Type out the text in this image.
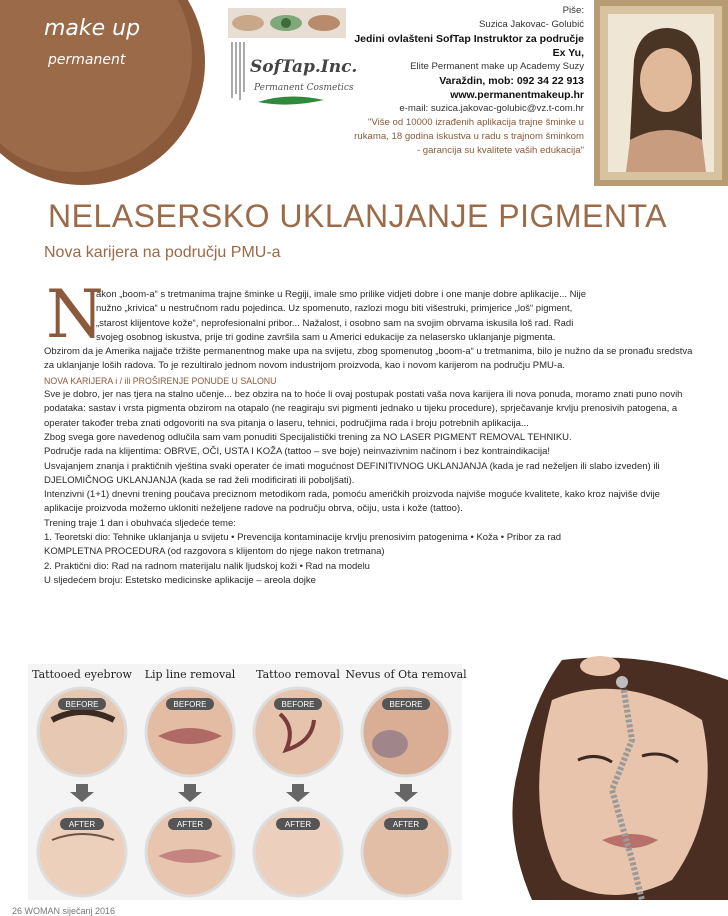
make up
permanent	SofTap.Inc.
Permanent Cosmetics
Piše:
Suzica Jakovac- Golubić
Jedini ovlašteni SofTap Instruktor za područje Ex Yu,
Elite Permanent make up Academy Suzy
Varaždin, mob: 092 34 22 913
www.permanentmakeup.hr
e-mail: suzica.jakovac-golubic@vz.t-com.hr
"Više od 10000 izrađenih aplikacija trajne šminke u rukama, 18 godina iskustva u radu s trajnom šminkom - garancija su kvalitete vaših edukacija"
NELASERSKO UKLANJANJE PIGMENTA
Nova karijera na području PMU-a
N

akon „boom-a“ s tretmanima trajne šminke u Regiji, imale smo prilike vidjeti dobre i one manje dobre aplikacije... Nije

nužno „krivica“ u nestručnom radu pojedinca. Uz spomenuto, razlozi mogu biti višestruki, primjerice „loš“ pigment,

„starost klijentove kože“, neprofesionalni pribor... Nažalost, i osobno sam na svojim obrvama iskusila loš rad. Radi

svojeg osobnog iskustva, prije tri godine završila sam u Americi edukacije za nelasersko uklanjanje pigmenta.

Obzirom da je Amerika najjače tržište permanentnog make upa na svijetu, zbog spomenutog „boom-a“ u tretmanima, bilo je nužno da se pronađu sredstva za uklanjanje loših radova. To je rezultiralo jednom novom industrijom proizvoda, kao i novom karijerom na području PMU-a.

NOVA KARIJERA i / ili PROŠIRENJE PONUDE U SALONU

Sve je dobro, jer nas tjera na stalno učenje... bez obzira na to hoće li ovaj postupak postati vaša nova karijera ili nova ponuda, moramo znati puno novih podataka: sastav i vrsta pigmenta obzirom na otapalo (ne reagiraju svi pigmenti jednako u tijeku procedure), sprječavanje krvlju prenosivih patogena, a operater također treba znati odgovoriti na sva pitanja o laseru, tehnici, područjima rada i broju potrebnih aplikacija...

Zbog svega gore navedenog odlučila sam vam ponuditi Specijalistički trening za NO LASER PIGMENT REMOVAL TEHNIKU.

Područje rada na klijentima: OBRVE, OČI, USTA I KOŽA (tattoo – sve boje) neinvazivnim načinom i bez kontraindikacija!

Usvajanjem znanja i praktičnih vještina svaki operater će imati mogućnost DEFINITIVNOG UKLANJANJA (kada je rad neželjen ili slabo izveden) ili DJELOMIČNOG UKLANJANJA (kada se rad želi modificirati ili poboljšati).

Intenzivni (1+1) dnevni trening poučava preciznom metodikom rada, pomoću američkih proizvoda najviše moguće kvalitete, kako kroz najviše dvije aplikacije proizvoda možemo ukloniti neželjene radove na području obrva, očiju, usta i kože (tattoo).

Trening traje 1 dan i obuhvaća sljedeće teme:

1. Teoretski dio: Tehnike uklanjanja u svijetu • Prevencija kontaminacije krvlju prenosivim patogenima • Koža • Pribor za rad

KOMPLETNA PROCEDURA (od razgovora s klijentom do njege nakon tretmana)

2. Praktični dio: Rad na radnom materijalu nalik ljudskoj koži • Rad na modelu

U sljedećem broju: Estetsko medicinske aplikacije – areola dojke

Tattooed eyebrow Lip line removal Tattoo removal Nevus of Ota removal
BEFORE	BEFORE	BEFORE	BEFORE
AFTER	AFTER	AFTER	AFTER
26 WOMAN siječanj 2016
